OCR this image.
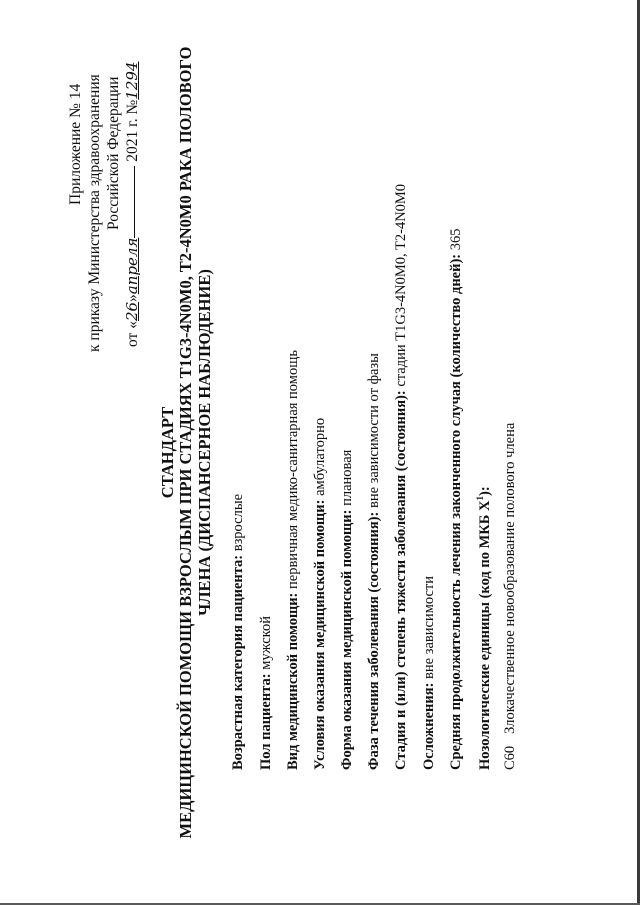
Приложение № 14 к приказу Министерства здравоохранения Российской Федерации
от «26»апреля 2021 г. №1294
СТАНДАРТ МЕДИЦИНСКОЙ ПОМОЩИ ВЗРОСЛЫМ ПРИ СТАДИЯХ T1G3-4N0M0, T2-4N0M0 РАКА ПОЛОВОГО ЧЛЕНА (ДИСПАНСЕРНОЕ НАБЛЮДЕНИЕ)
Возрастная категория пациента: взрослые
Пол пациента: мужской Вид медицинской помощи: первичная медико-санитарная помощь
Условия оказания медицинской помощи: амбулаторно
Форма оказания медицинской помощи: плановая
Фаза течения заболевания (состояния): вне зависимости от фазы Стадия и (или) степень тяжести заболевания (состояния): стадии T1G3-4N0M0, T2-4N0M0
Осложнения: вне зависимости Средняя продолжительность лечения законченного случая (количество дней): 365
Нозологические единицы (код по МКБ $X^1$):
C60Злокачественное новообразование полового члена
